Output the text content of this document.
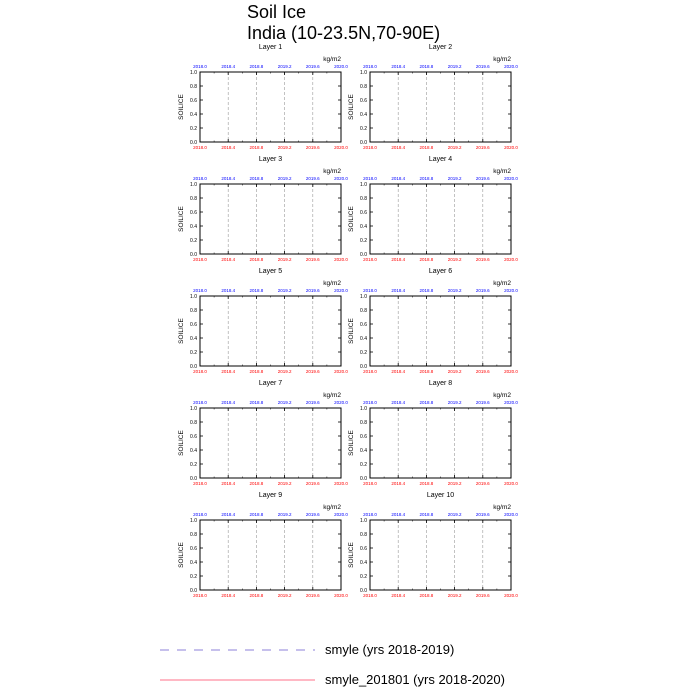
Soil Ice
India (10-23.5N,70-90E)
Layer 1
kg/m2
2018.0
2018.0
2018.4
2018.4
2018.8
2018.8
2019.2
2019.2
2019.6
2019.6
2020.0
2020.0
0.0
0.2
0.4
0.6
0.8
1.0
SOILICE
Layer 2
kg/m2
2018.0
2018.0
2018.4
2018.4
2018.8
2018.8
2019.2
2019.2
2019.6
2019.6
2020.0
2020.0
0.0
0.2
0.4
0.6
0.8
1.0
SOILICE
Layer 3
kg/m2
2018.0
2018.0
2018.4
2018.4
2018.8
2018.8
2019.2
2019.2
2019.6
2019.6
2020.0
2020.0
0.0
0.2
0.4
0.6
0.8
1.0
SOILICE
Layer 4
kg/m2
2018.0
2018.0
2018.4
2018.4
2018.8
2018.8
2019.2
2019.2
2019.6
2019.6
2020.0
2020.0
0.0
0.2
0.4
0.6
0.8
1.0
SOILICE
Layer 5
kg/m2
2018.0
2018.0
2018.4
2018.4
2018.8
2018.8
2019.2
2019.2
2019.6
2019.6
2020.0
2020.0
0.0
0.2
0.4
0.6
0.8
1.0
SOILICE
Layer 6
kg/m2
2018.0
2018.0
2018.4
2018.4
2018.8
2018.8
2019.2
2019.2
2019.6
2019.6
2020.0
2020.0
0.0
0.2
0.4
0.6
0.8
1.0
SOILICE
Layer 7
kg/m2
2018.0
2018.0
2018.4
2018.4
2018.8
2018.8
2019.2
2019.2
2019.6
2019.6
2020.0
2020.0
0.0
0.2
0.4
0.6
0.8
1.0
SOILICE
Layer 8
kg/m2
2018.0
2018.0
2018.4
2018.4
2018.8
2018.8
2019.2
2019.2
2019.6
2019.6
2020.0
2020.0
0.0
0.2
0.4
0.6
0.8
1.0
SOILICE
Layer 9
kg/m2
2018.0
2018.0
2018.4
2018.4
2018.8
2018.8
2019.2
2019.2
2019.6
2019.6
2020.0
2020.0
0.0
0.2
0.4
0.6
0.8
1.0
SOILICE
Layer 10
kg/m2
2018.0
2018.0
2018.4
2018.4
2018.8
2018.8
2019.2
2019.2
2019.6
2019.6
2020.0
2020.0
0.0
0.2
0.4
0.6
0.8
1.0
SOILICE
smyle (yrs 2018-2019)
smyle_201801 (yrs 2018-2020)
